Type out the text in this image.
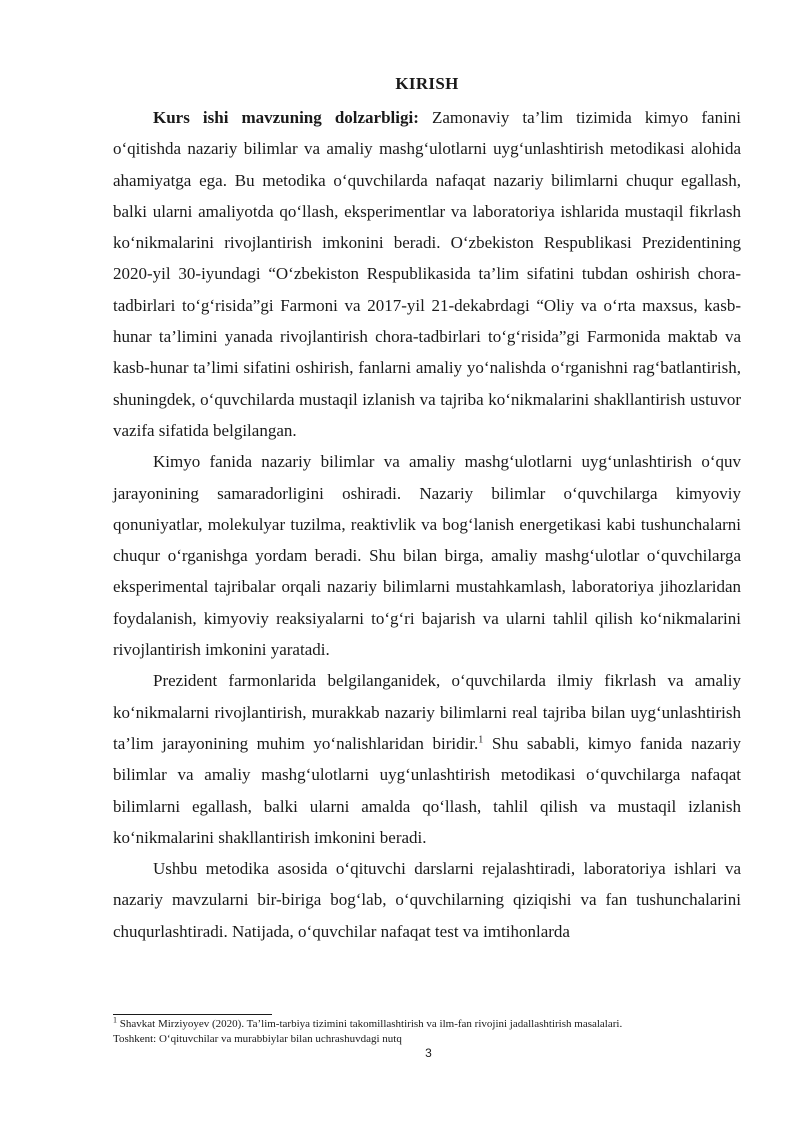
KIRISH

Kurs ishi mavzuning dolzarbligi: Zamonaviy ta’lim tizimida kimyo fanini o‘qitishda nazariy bilimlar va amaliy mashg‘ulotlarni uyg‘unlashtirish metodikasi alohida ahamiyatga ega. Bu metodika o‘quvchilarda nafaqat nazariy bilimlarni chuqur egallash, balki ularni amaliyotda qo‘llash, eksperimentlar va laboratoriya ishlarida mustaqil fikrlash ko‘nikmalarini rivojlantirish imkonini beradi. O‘zbekiston Respublikasi Prezidentining 2020-yil 30-iyundagi “O‘zbekiston Respublikasida ta’lim sifatini tubdan oshirish chora-tadbirlari to‘g‘risida”gi Farmoni va 2017-yil 21-dekabrdagi “Oliy va o‘rta maxsus, kasb-hunar ta’limini yanada rivojlantirish chora-tadbirlari to‘g‘risida”gi Farmonida maktab va kasb-hunar ta’limi sifatini oshirish, fanlarni amaliy yo‘nalishda o‘rganishni rag‘batlantirish, shuningdek, o‘quvchilarda mustaqil izlanish va tajriba ko‘nikmalarini shakllantirish ustuvor vazifa sifatida belgilangan.

Kimyo fanida nazariy bilimlar va amaliy mashg‘ulotlarni uyg‘unlashtirish o‘quv jarayonining samaradorligini oshiradi. Nazariy bilimlar o‘quvchilarga kimyoviy qonuniyatlar, molekulyar tuzilma, reaktivlik va bog‘lanish energetikasi kabi tushunchalarni chuqur o‘rganishga yordam beradi. Shu bilan birga, amaliy mashg‘ulotlar o‘quvchilarga eksperimental tajribalar orqali nazariy bilimlarni mustahkamlash, laboratoriya jihozlaridan foydalanish, kimyoviy reaksiyalarni to‘g‘ri bajarish va ularni tahlil qilish ko‘nikmalarini rivojlantirish imkonini yaratadi.

Prezident farmonlarida belgilanganidek, o‘quvchilarda ilmiy fikrlash va amaliy ko‘nikmalarni rivojlantirish, murakkab nazariy bilimlarni real tajriba bilan uyg‘unlashtirish ta’lim jarayonining muhim yo‘nalishlaridan biridir.$^1$ Shu sababli, kimyo fanida nazariy bilimlar va amaliy mashg‘ulotlarni uyg‘unlashtirish metodikasi o‘quvchilarga nafaqat bilimlarni egallash, balki ularni amalda qo‘llash, tahlil qilish va mustaqil izlanish ko‘nikmalarini shakllantirish imkonini beradi.

Ushbu metodika asosida o‘qituvchi darslarni rejalashtiradi, laboratoriya ishlari va nazariy mavzularni bir-biriga bog‘lab, o‘quvchilarning qiziqishi va fan tushunchalarini chuqurlashtiradi. Natijada, o‘quvchilar nafaqat test va imtihonlarda

$^1$ Shavkat Mirziyoyev (2020). Ta’lim-tarbiya tizimini takomillashtirish va ilm-fan rivojini jadallashtirish masalalari.
Toshkent: O‘qituvchilar va murabbiylar bilan uchrashuvdagi nutq
3
